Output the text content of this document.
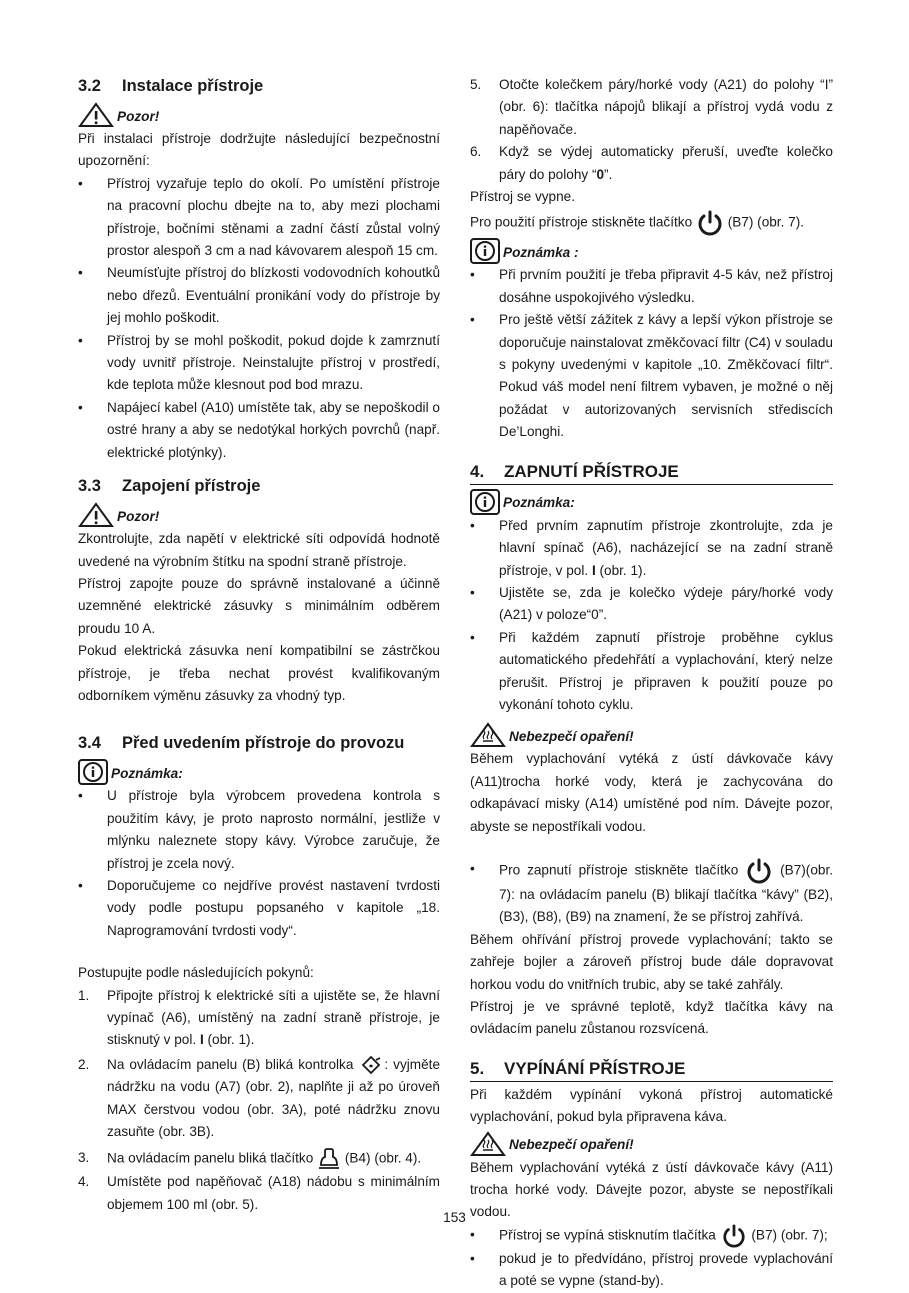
3.2 Instalace přístroje
Pozor!

Při instalaci přístroje dodržujte následující bezpečnostní upozornění:

• Přístroj vyzařuje teplo do okolí. Po umístění přístroje na pracovní plochu dbejte na to, aby mezi plochami přístroje, bočními stěnami a zadní částí zůstal volný prostor alespoň 3 cm a nad kávovarem alespoň 15 cm.
• Neumísťujte přístroj do blízkosti vodovodních kohoutků nebo dřezů. Eventuální pronikání vody do přístroje by jej mohlo poškodit.
• Přístroj by se mohl poškodit, pokud dojde k zamrznutí vody uvnitř přístroje. Neinstalujte přístroj v prostředí, kde teplota může klesnout pod bod mrazu.
• Napájecí kabel (A10) umístěte tak, aby se nepoškodil o ostré hrany a aby se nedotýkal horkých povrchů (např. elektrické plotýnky).
3.3 Zapojení přístroje
Pozor!

Zkontrolujte, zda napětí v elektrické síti odpovídá hodnotě uvedené na výrobním štítku na spodní straně přístroje.

Přístroj zapojte pouze do správně instalované a účinně uzemněné elektrické zásuvky s minimálním odběrem proudu 10 A.

Pokud elektrická zásuvka není kompatibilní se zástrčkou přístroje, je třeba nechat provést kvalifikovaným odborníkem výměnu zásuvky za vhodný typ.

3.4 Před uvedením přístroje do provozu
Poznámka:
• U přístroje byla výrobcem provedena kontrola s použitím kávy, je proto naprosto normální, jestliže v mlýnku naleznete stopy kávy. Výrobce zaručuje, že přístroj je zcela nový.
• Doporučujeme co nejdříve provést nastavení tvrdosti vody podle postupu popsaného v kapitole „18. Naprogramování tvrdosti vody“.

Postupujte podle následujících pokynů:

1. Připojte přístroj k elektrické síti a ujistěte se, že hlavní vypínač (A6), umístěný na zadní straně přístroje, je stisknutý v pol. I (obr. 1).
2. Na ovládacím panelu (B) bliká kontrolka : vyjměte nádržku na vodu (A7) (obr. 2), naplňte ji až po úroveň MAX čerstvou vodou (obr. 3A), poté nádržku znovu zasuňte (obr. 3B).
3. Na ovládacím panelu bliká tlačítko (B4) (obr. 4).
4. Umístěte pod napěňovač (A18) nádobu s minimálním objemem 100 ml (obr. 5).
5. Otočte kolečkem páry/horké vody (A21) do polohy “I” (obr. 6): tlačítka nápojů blikají a přístroj vydá vodu z napěňovače.
6. Když se výdej automaticky přeruší, uveďte kolečko páry do polohy “0”.

Přístroj se vypne.

Pro použití přístroje stiskněte tlačítko	(B7) (obr. 7).

Poznámka :
• Při prvním použití je třeba připravit 4-5 káv, než přístroj dosáhne uspokojivého výsledku.
• Pro ještě větší zážitek z kávy a lepší výkon přístroje se doporučuje nainstalovat změkčovací filtr (C4) v souladu s pokyny uvedenými v kapitole „10. Změkčovací filtr“. Pokud váš model není filtrem vybaven, je možné o něj požádat v autorizovaných servisních střediscích De’Longhi.
4. ZAPNUTÍ PŘÍSTROJE
Poznámka:
• Před prvním zapnutím přístroje zkontrolujte, zda je hlavní spínač (A6), nacházející se na zadní straně přístroje, v pol. I (obr. 1).
• Ujistěte se, zda je kolečko výdeje páry/horké vody (A21) v poloze“0”.
• Při každém zapnutí přístroje proběhne cyklus automatického předehřátí a vyplachování, který nelze přerušit. Přístroj je připraven k použití pouze po vykonání tohoto cyklu.
Nebezpečí opaření!

Během vyplachování vytéká z ústí dávkovače kávy (A11)trocha horké vody, která je zachycována do odkapávací misky (A14) umístěné pod ním. Dávejte pozor, abyste se nepostříkali vodou.

• Pro zapnutí přístroje stiskněte tlačítko	(B7)(obr. 7): na ovládacím panelu (B) blikají tlačítka “kávy” (B2), (B3), (B8), (B9) na znamení, že se přístroj zahřívá.

Během ohřívání přístroj provede vyplachování; takto se zahřeje bojler a zároveň přístroj bude dále dopravovat horkou vodu do vnitřních trubic, aby se také zahřály.

Přístroj je ve správné teplotě, když tlačítka kávy na ovládacím panelu zůstanou rozsvícená.

5. VYPÍNÁNÍ PŘÍSTROJE

Při každém vypínání vykoná přístroj automatické vyplachování, pokud byla připravena káva.

Nebezpečí opaření!

Během vyplachování vytéká z ústí dávkovače kávy (A11) trocha horké vody. Dávejte pozor, abyste se nepostříkali vodou.

• Přístroj se vypíná stisknutím tlačítka	(B7) (obr. 7);
• pokud je to předvídáno, přístroj provede vyplachování a poté se vypne (stand-by).
153
